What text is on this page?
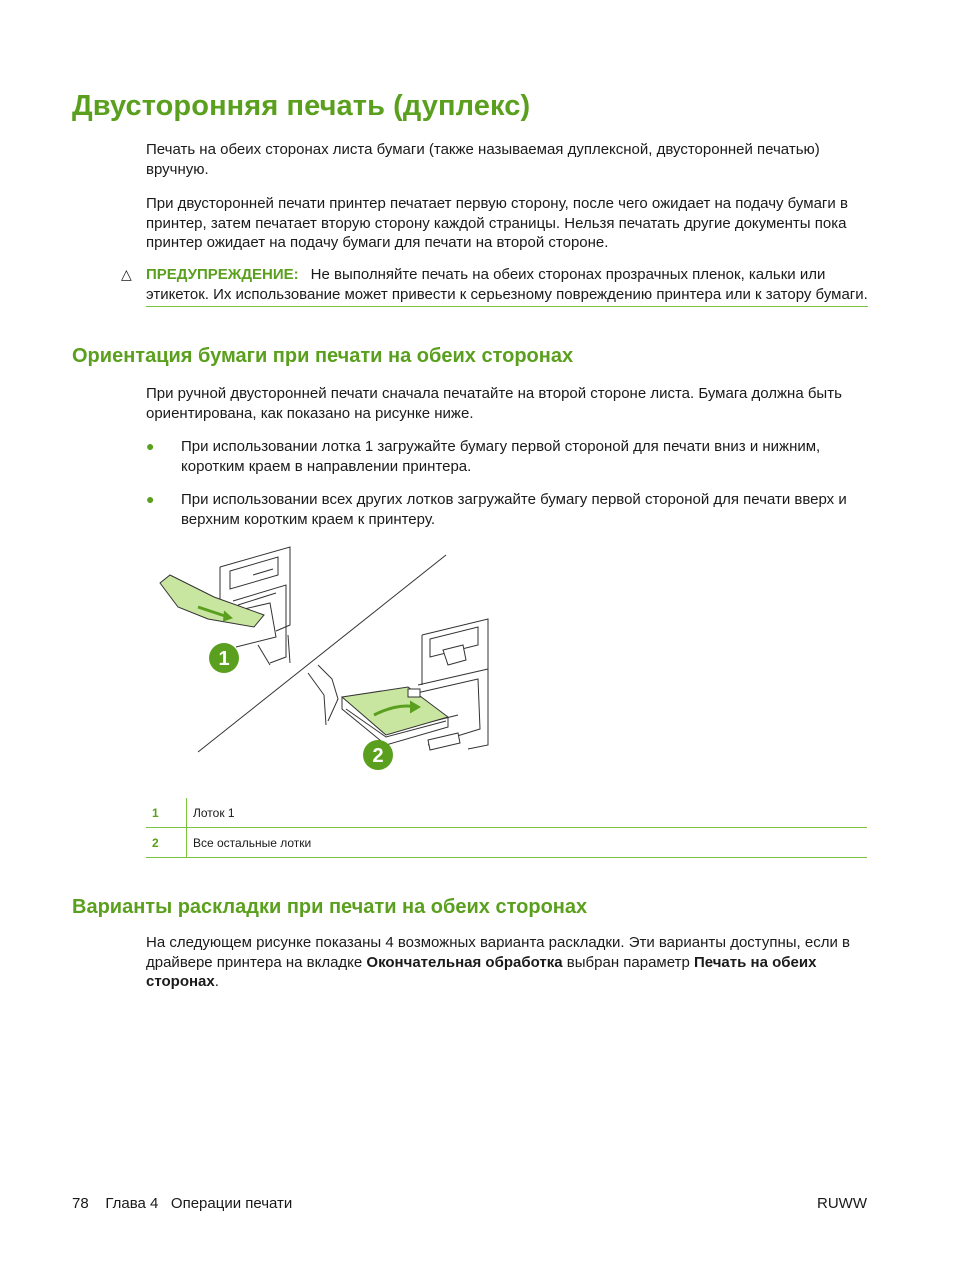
Двусторонняя печать (дуплекс)

Печать на обеих сторонах листа бумаги (также называемая дуплексной, двусторонней печатью) вручную.

При двусторонней печати принтер печатает первую сторону, после чего ожидает на подачу бумаги в принтер, затем печатает вторую сторону каждой страницы. Нельзя печатать другие документы пока принтер ожидает на подачу бумаги для печати на второй стороне.

△ ПРЕДУПРЕЖДЕНИЕ: Не выполняйте печать на обеих сторонах прозрачных пленок, кальки или этикеток. Их использование может привести к серьезному повреждению принтера или к затору бумаги.
Ориентация бумаги при печати на обеих сторонах

При ручной двусторонней печати сначала печатайте на второй стороне листа. Бумага должна быть ориентирована, как показано на рисунке ниже.

● При использовании лотка 1 загружайте бумагу первой стороной для печати вниз и нижним, коротким краем в направлении принтера.
● При использовании всех других лотков загружайте бумагу первой стороной для печати вверх и верхним коротким краем к принтеру.
1
2
1	Лоток 1
2	Все остальные лотки
Варианты раскладки при печати на обеих сторонах

На следующем рисунке показаны 4 возможных варианта раскладки. Эти варианты доступны, если в драйвере принтера на вкладке Окончательная обработка выбран параметр Печать на обеих сторонах.

78 Глава 4 Операции печати	RUWW
